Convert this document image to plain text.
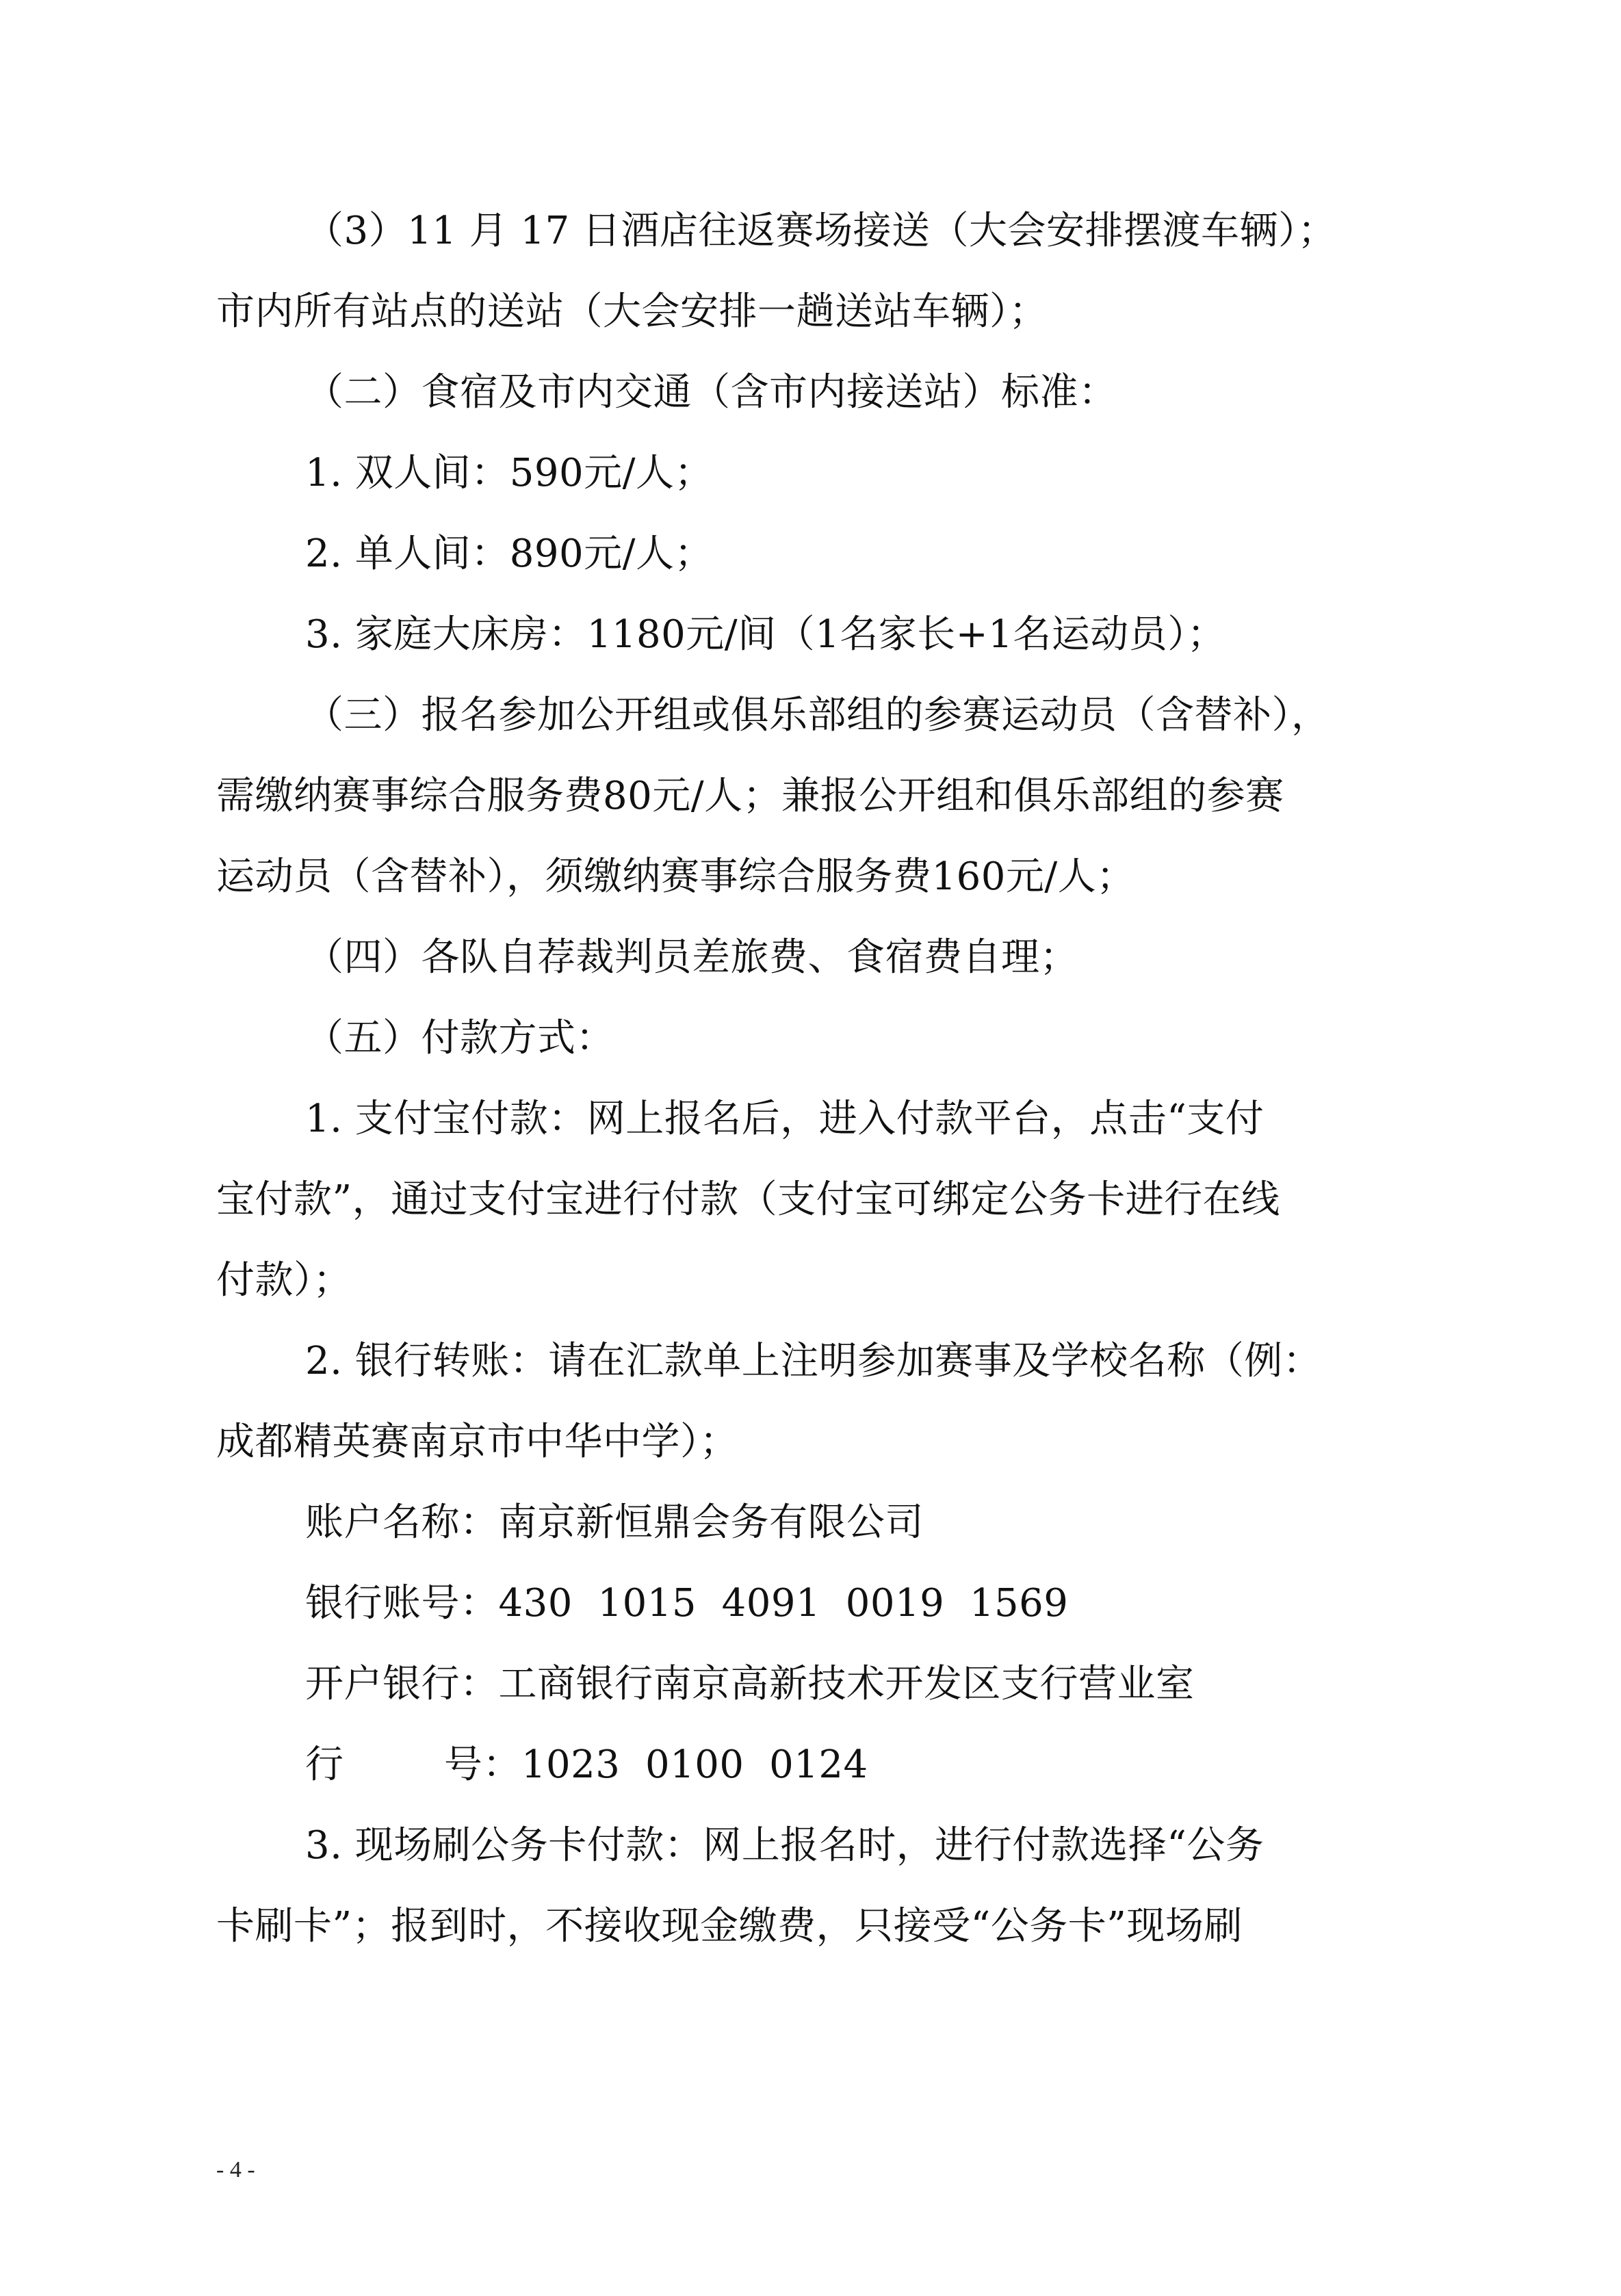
（3）11 月 17 日酒店往返赛场接送（大会安排摆渡车辆）；
市内所有站点的送站（大会安排一趟送站车辆）；
（二）食宿及市内交通（含市内接送站）标准：
1. 双人间：590元/人；
2. 单人间：890元/人；
3. 家庭大床房：1180元/间（1名家长+1名运动员）；
（三）报名参加公开组或俱乐部组的参赛运动员（含替补），
需缴纳赛事综合服务费80元/人；兼报公开组和俱乐部组的参赛
运动员（含替补），须缴纳赛事综合服务费160元/人；
（四）各队自荐裁判员差旅费、食宿费自理；
（五）付款方式：
1. 支付宝付款：网上报名后，进入付款平台，点击“支付
宝付款”，通过支付宝进行付款（支付宝可绑定公务卡进行在线
付款）；
2. 银行转账：请在汇款单上注明参加赛事及学校名称（例：
成都精英赛南京市中华中学）；
账户名称：南京新恒鼎会务有限公司
银行账号：430  1015  4091  0019  1569
开户银行：工商银行南京高新技术开发区支行营业室
行        号：1023  0100  0124
3. 现场刷公务卡付款：网上报名时，进行付款选择“公务
卡刷卡”；报到时，不接收现金缴费，只接受“公务卡”现场刷
- 4 -
